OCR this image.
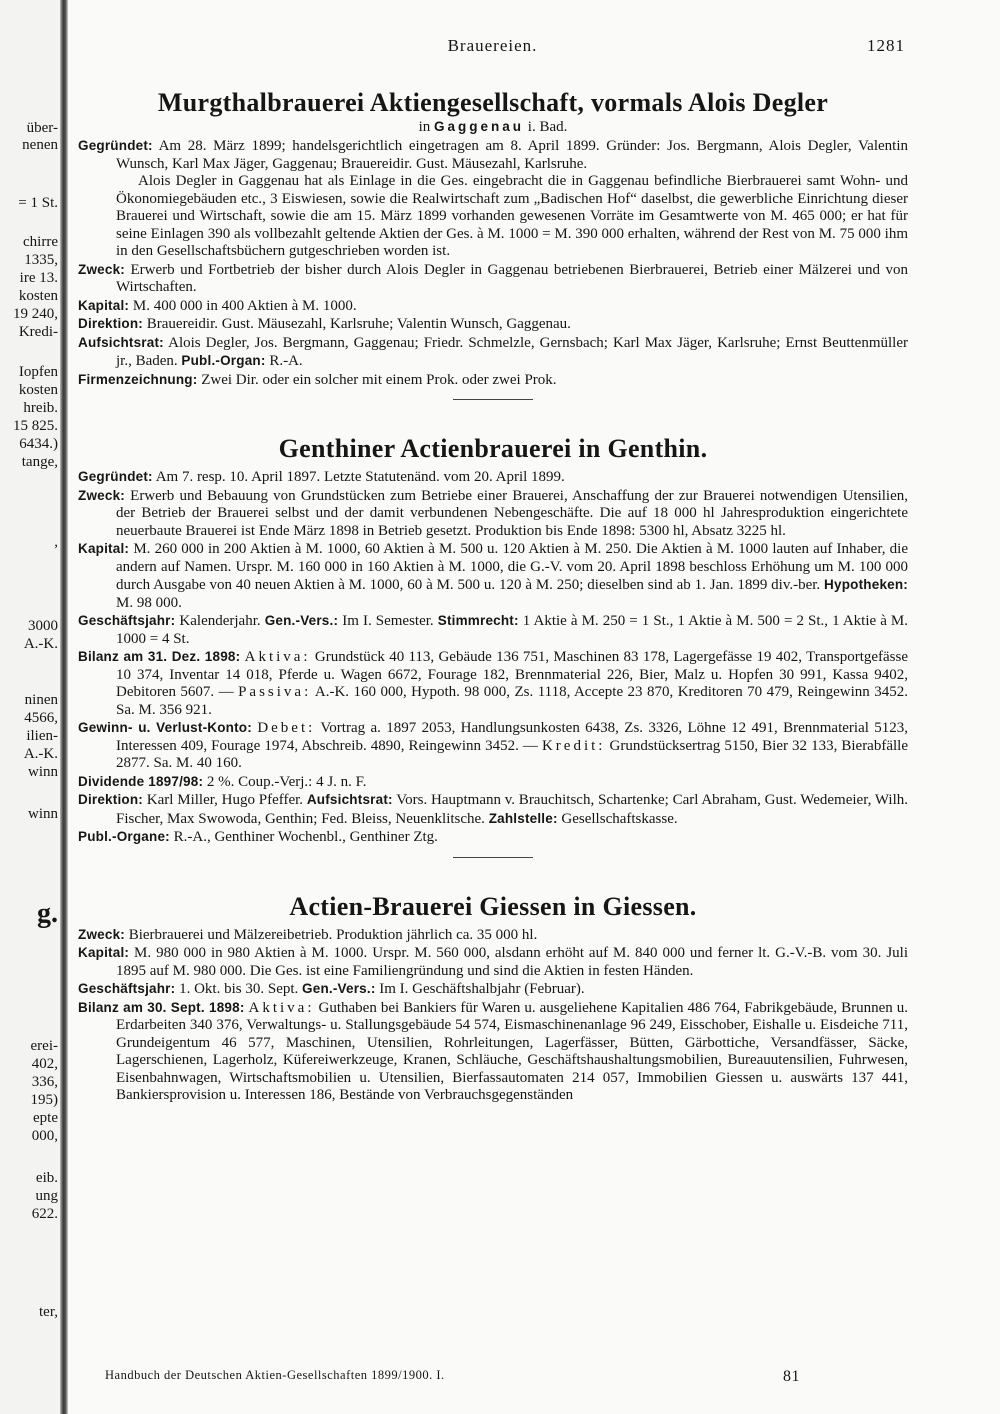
über-
nenen
= 1 St.
chirre
1335,
ire 13.
kosten
19 240,
Kredi-
Iopfen
kosten
hreib.
15 825.
6434.)
tange,
,
3000
A.-K.
ninen
4566,
ilien-
A.-K.
winn
winn
g.
erei-
402,
336,
195)
epte
000,
eib.
ung
622.
ter,
Brauereien.	1281
Murgthalbrauerei Aktiengesellschaft, vormals Alois Degler
in Gaggenau i. Bad.

Gegründet: Am 28. März 1899; handelsgerichtlich eingetragen am 8. April 1899. Gründer: Jos. Bergmann, Alois Degler, Valentin Wunsch, Karl Max Jäger, Gaggenau; Brauereidir. Gust. Mäusezahl, Karlsruhe.

Alois Degler in Gaggenau hat als Einlage in die Ges. eingebracht die in Gaggenau befindliche Bierbrauerei samt Wohn- und Ökonomiegebäuden etc., 3 Eiswiesen, sowie die Realwirtschaft zum „Badischen Hof“ daselbst, die gewerbliche Einrichtung dieser Brauerei und Wirtschaft, sowie die am 15. März 1899 vorhanden gewesenen Vorräte im Gesamtwerte von M. 465 000; er hat für seine Einlagen 390 als vollbezahlt geltende Aktien der Ges. à M. 1000 = M. 390 000 erhalten, während der Rest von M. 75 000 ihm in den Gesellschaftsbüchern gutgeschrieben worden ist.

Zweck: Erwerb und Fortbetrieb der bisher durch Alois Degler in Gaggenau betriebenen Bierbrauerei, Betrieb einer Mälzerei und von Wirtschaften.

Kapital: M. 400 000 in 400 Aktien à M. 1000.

Direktion: Brauereidir. Gust. Mäusezahl, Karlsruhe; Valentin Wunsch, Gaggenau.

Aufsichtsrat: Alois Degler, Jos. Bergmann, Gaggenau; Friedr. Schmelzle, Gernsbach; Karl Max Jäger, Karlsruhe; Ernst Beuttenmüller jr., Baden. Publ.-Organ: R.-A.

Firmenzeichnung: Zwei Dir. oder ein solcher mit einem Prok. oder zwei Prok.

Genthiner Actienbrauerei in Genthin.

Gegründet: Am 7. resp. 10. April 1897. Letzte Statutenänd. vom 20. April 1899.

Zweck: Erwerb und Bebauung von Grundstücken zum Betriebe einer Brauerei, Anschaffung der zur Brauerei notwendigen Utensilien, der Betrieb der Brauerei selbst und der damit verbundenen Nebengeschäfte. Die auf 18 000 hl Jahresproduktion eingerichtete neuerbaute Brauerei ist Ende März 1898 in Betrieb gesetzt. Produktion bis Ende 1898: 5300 hl, Absatz 3225 hl.

Kapital: M. 260 000 in 200 Aktien à M. 1000, 60 Aktien à M. 500 u. 120 Aktien à M. 250. Die Aktien à M. 1000 lauten auf Inhaber, die andern auf Namen. Urspr. M. 160 000 in 160 Aktien à M. 1000, die G.-V. vom 20. April 1898 beschloss Erhöhung um M. 100 000 durch Ausgabe von 40 neuen Aktien à M. 1000, 60 à M. 500 u. 120 à M. 250; dieselben sind ab 1. Jan. 1899 div.-ber. Hypotheken: M. 98 000.

Geschäftsjahr: Kalenderjahr. Gen.-Vers.: Im I. Semester. Stimmrecht: 1 Aktie à M. 250 = 1 St., 1 Aktie à M. 500 = 2 St., 1 Aktie à M. 1000 = 4 St.

Bilanz am 31. Dez. 1898: Aktiva: Grundstück 40 113, Gebäude 136 751, Maschinen 83 178, Lagergefässe 19 402, Transportgefässe 10 374, Inventar 14 018, Pferde u. Wagen 6672, Fourage 182, Brennmaterial 226, Bier, Malz u. Hopfen 30 991, Kassa 9402, Debitoren 5607. — Passiva: A.-K. 160 000, Hypoth. 98 000, Zs. 1118, Accepte 23 870, Kreditoren 70 479, Reingewinn 3452. Sa. M. 356 921.

Gewinn- u. Verlust-Konto: Debet: Vortrag a. 1897 2053, Handlungsunkosten 6438, Zs. 3326, Löhne 12 491, Brennmaterial 5123, Interessen 409, Fourage 1974, Abschreib. 4890, Reingewinn 3452. — Kredit: Grundstücksertrag 5150, Bier 32 133, Bierabfälle 2877. Sa. M. 40 160.

Dividende 1897/98: 2 %. Coup.-Verj.: 4 J. n. F.

Direktion: Karl Miller, Hugo Pfeffer. Aufsichtsrat: Vors. Hauptmann v. Brauchitsch, Schartenke; Carl Abraham, Gust. Wedemeier, Wilh. Fischer, Max Swowoda, Genthin; Fed. Bleiss, Neuenklitsche. Zahlstelle: Gesellschaftskasse.

Publ.-Organe: R.-A., Genthiner Wochenbl., Genthiner Ztg.

Actien-Brauerei Giessen in Giessen.

Zweck: Bierbrauerei und Mälzereibetrieb. Produktion jährlich ca. 35 000 hl.

Kapital: M. 980 000 in 980 Aktien à M. 1000. Urspr. M. 560 000, alsdann erhöht auf M. 840 000 und ferner lt. G.-V.-B. vom 30. Juli 1895 auf M. 980 000. Die Ges. ist eine Familiengründung und sind die Aktien in festen Händen.

Geschäftsjahr: 1. Okt. bis 30. Sept. Gen.-Vers.: Im I. Geschäftshalbjahr (Februar).

Bilanz am 30. Sept. 1898: Aktiva: Guthaben bei Bankiers für Waren u. ausgeliehene Kapitalien 486 764, Fabrikgebäude, Brunnen u. Erdarbeiten 340 376, Verwaltungs- u. Stallungsgebäude 54 574, Eismaschinenanlage 96 249, Eisschober, Eishalle u. Eisdeiche 711, Grundeigentum 46 577, Maschinen, Utensilien, Rohrleitungen, Lagerfässer, Bütten, Gärbottiche, Versandfässer, Säcke, Lagerschienen, Lagerholz, Küfereiwerkzeuge, Kranen, Schläuche, Geschäftshaushaltungsmobilien, Bureauutensilien, Fuhrwesen, Eisenbahnwagen, Wirtschaftsmobilien u. Utensilien, Bierfassautomaten 214 057, Immobilien Giessen u. auswärts 137 441, Bankiersprovision u. Interessen 186, Bestände von Verbrauchsgegenständen

Handbuch der Deutschen Aktien-Gesellschaften 1899/1900. I.	81
